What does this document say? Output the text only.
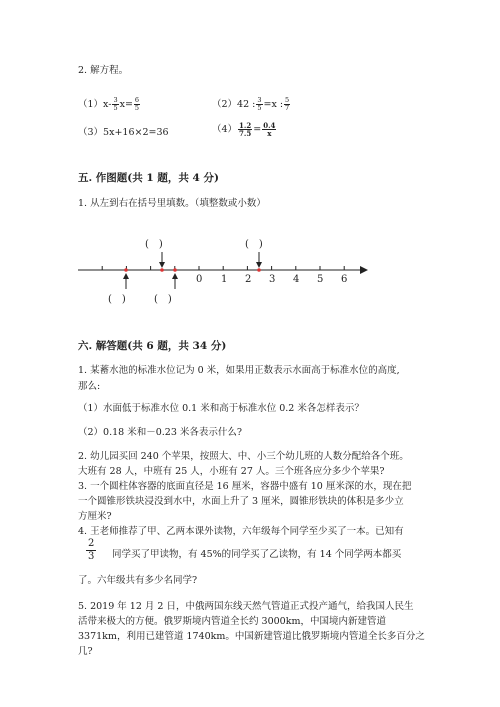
2. 解方程。
$(1)x- \frac{3}{5} x= \frac{6}{5}$	（2）42 : $\frac{3}{5} =x$ : $\frac{5}{7}$
（3）5x+16×2=36	$(4) \frac{1.2}{7.5} = \frac{0.4}{x}$
五. 作图题(共 1 题，共 4 分)
1. 从左到右在括号里填数。（填整数或小数）
(　)	(　)
(　)	(　)
0 1 2 3 4 5 6
六. 解答题(共 6 题，共 34 分)
1. 某蓄水池的标准水位记为 0 米，如果用正数表示水面高于标准水位的高度,
那么:
（1）水面低于标准水位 0.1 米和高于标准水位 0.2 米各怎样表示？
（2）0.18 米和－0.23 米各表示什么?
2. 幼儿园买回 240 个苹果，按照大、中、小三个幼儿班的人数分配给各个班。
大班有 28 人，中班有 25 人，小班有 27 人。三个班各应分多少个苹果?
3. 一个圆柱体容器的底面直径是 16 厘米，容器中盛有 10 厘米深的水，现在把
一个圆锥形铁块浸没到水中，水面上升了 3 厘米，圆锥形铁块的体积是多少立
方厘米?
4. 王老师推荐了甲、乙两本课外读物，六年级每个同学至少买了一本。已知有
$\frac{2}{3}$ 同学买了甲读物，有 45%的同学买了乙读物，有 14 个同学两本都买
了。六年级共有多少名同学?
5. 2019 年 12 月 2 日，中俄两国东线天然气管道正式投产通气，给我国人民生
活带来极大的方便。俄罗斯境内管道全长约 3000km，中国境内新建管道
3371km，利用已建管道 1740km。中国新建管道比俄罗斯境内管道全长多百分之
几?
